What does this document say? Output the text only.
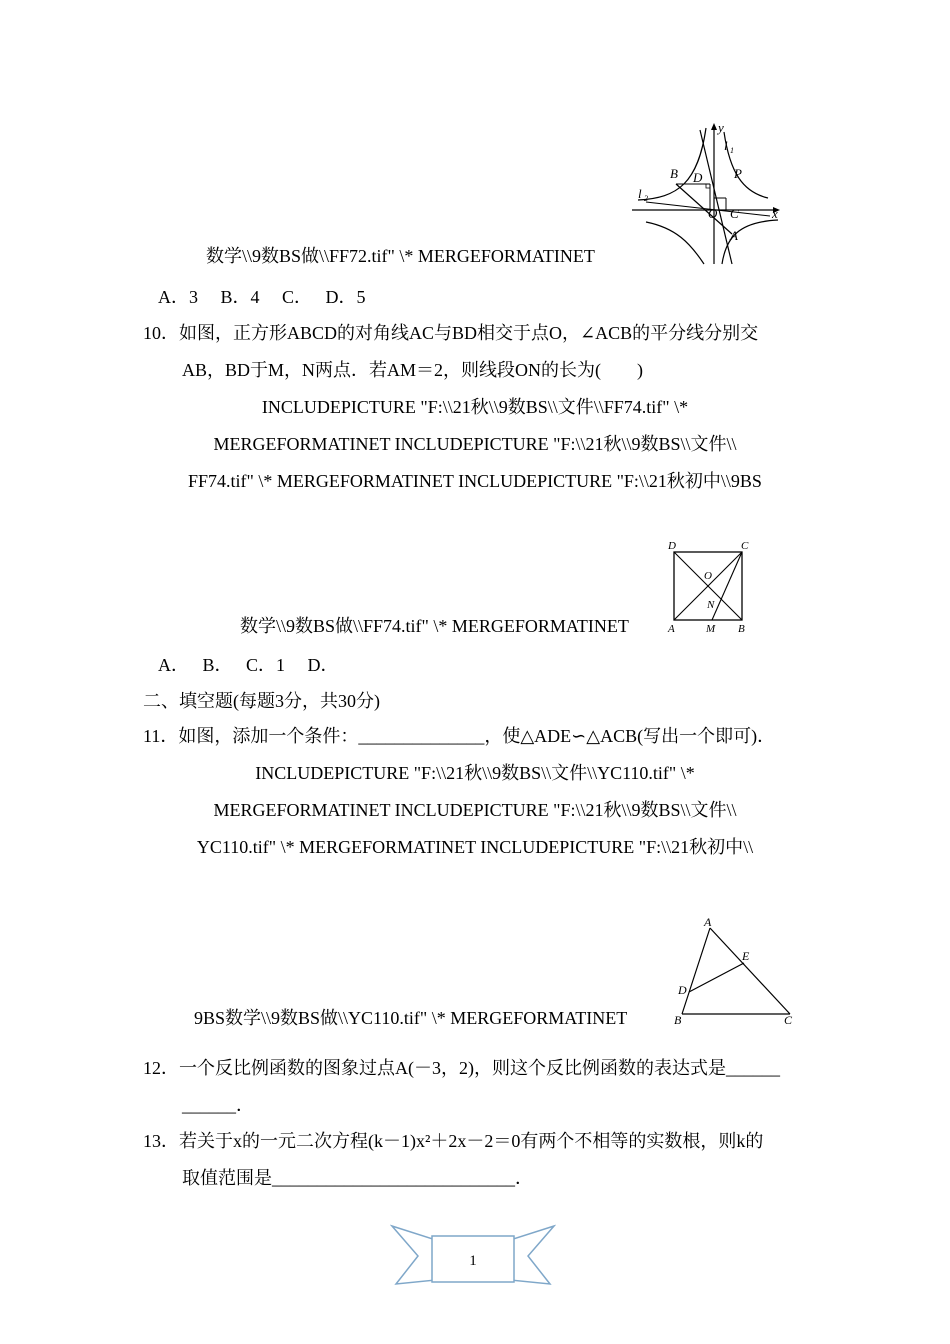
y
l 1
l 2
B D P
O C
A
x
数学\\9数BS做\\FF72.tif" \* MERGEFORMATINET
A．3　 B．4　 C．　 D．5
10．如图，正方形ABCD的对角线AC与BD相交于点O，∠ACB的平分线分别交
AB，BD于M，N两点．若AM＝2，则线段ON的长为(　　)
INCLUDEPICTURE "F:\\21秋\\9数BS\\文件\\FF74.tif" \*
MERGEFORMATINET INCLUDEPICTURE "F:\\21秋\\9数BS\\文件\\
FF74.tif" \* MERGEFORMATINET INCLUDEPICTURE "F:\\21秋初中\\9BS
D	C
O
N
A	M B
数学\\9数BS做\\FF74.tif" \* MERGEFORMATINET
A．　 B．　 C．1　 D．
二、填空题(每题3分，共30分)
11．如图，添加一个条件：______________，使△ADE∽△ACB(写出一个即可)．
INCLUDEPICTURE "F:\\21秋\\9数BS\\文件\\YC110.tif" \*
MERGEFORMATINET INCLUDEPICTURE "F:\\21秋\\9数BS\\文件\\
YC110.tif" \* MERGEFORMATINET INCLUDEPICTURE "F:\\21秋初中\\
A
E
D
B	C
9BS数学\\9数BS做\\YC110.tif" \* MERGEFORMATINET
12．一个反比例函数的图象过点A(－3，2)，则这个反比例函数的表达式是______
______．
13．若关于x的一元二次方程(k－1)x²＋2x－2＝0有两个不相等的实数根，则k的
取值范围是___________________________．
1
